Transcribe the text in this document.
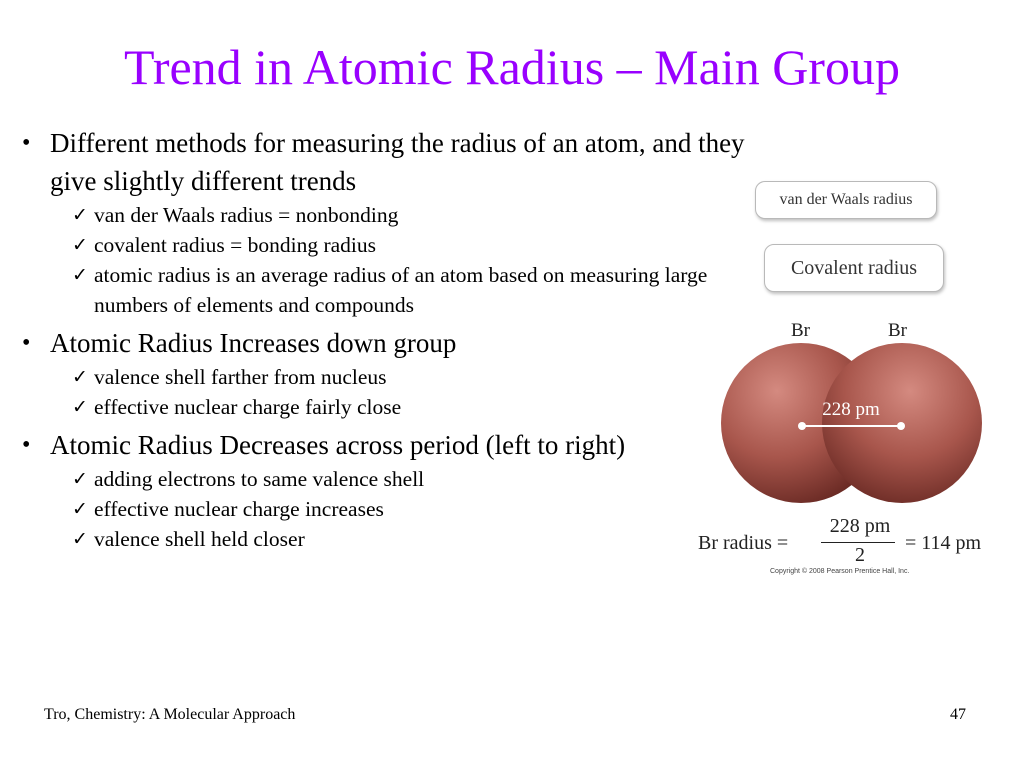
Trend in Atomic Radius – Main Group
• Different methods for measuring the radius of an atom, and they give slightly different trends
✓ van der Waals radius = nonbonding
✓ covalent radius = bonding radius
✓ atomic radius is an average radius of an atom based on measuring large numbers of elements and compounds
• Atomic Radius Increases down group
✓ valence shell farther from nucleus
✓ effective nuclear charge fairly close
• Atomic Radius Decreases across period (left to right)
✓ adding electrons to same valence shell
✓ effective nuclear charge increases
✓ valence shell held closer
van der Waals radius
Covalent radius
Br	Br
228 pm
Br radius =
228 pm
2
= 114 pm
Copyright © 2008 Pearson Prentice Hall, Inc.
Tro, Chemistry: A Molecular Approach	47
